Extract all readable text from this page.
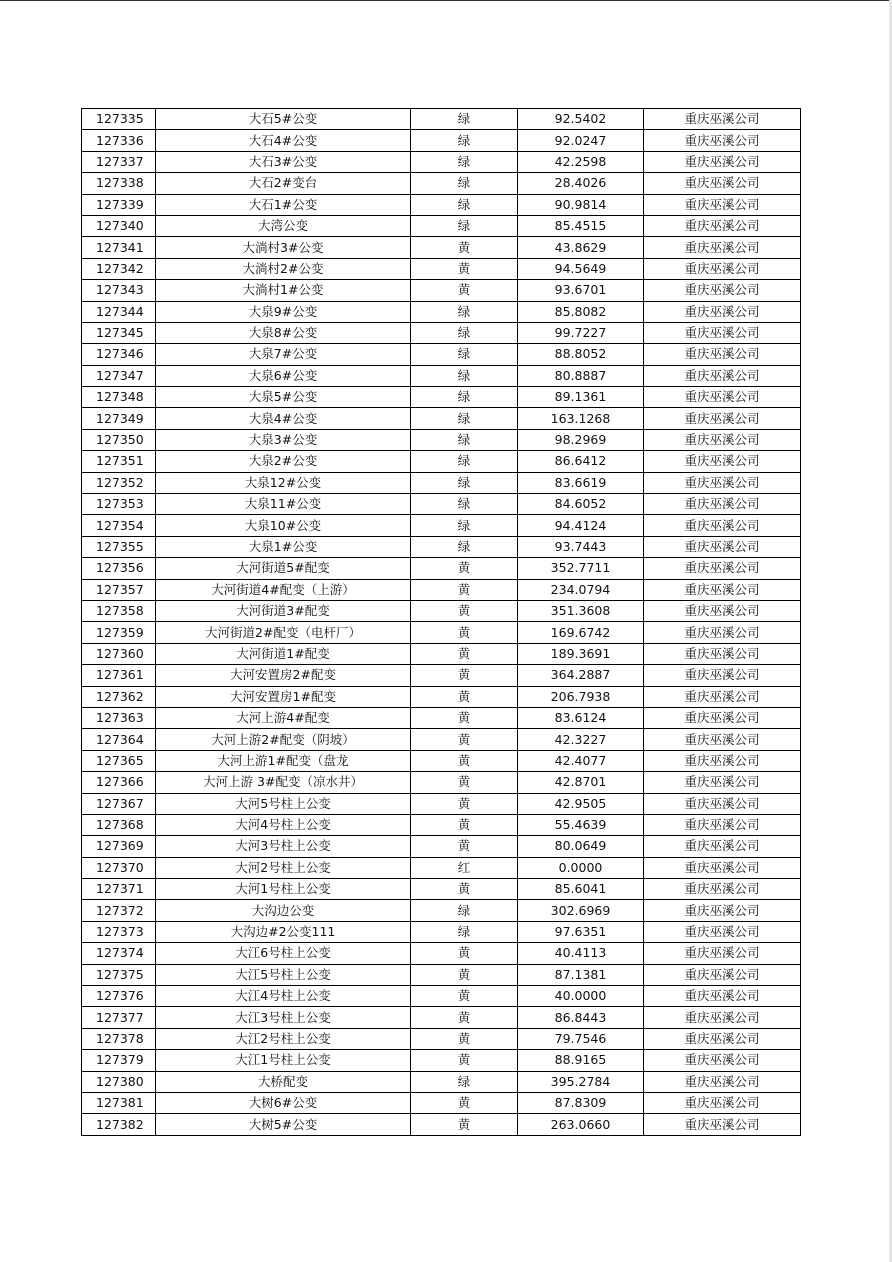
127335	大石5#公变	绿	92.5402	重庆巫溪公司
127336	大石4#公变	绿	92.0247	重庆巫溪公司
127337	大石3#公变	绿	42.2598	重庆巫溪公司
127338	大石2#变台	绿	28.4026	重庆巫溪公司
127339	大石1#公变	绿	90.9814	重庆巫溪公司
127340	大湾公变	绿	85.4515	重庆巫溪公司
127341	大淌村3#公变	黄	43.8629	重庆巫溪公司
127342	大淌村2#公变	黄	94.5649	重庆巫溪公司
127343	大淌村1#公变	黄	93.6701	重庆巫溪公司
127344	大泉9#公变	绿	85.8082	重庆巫溪公司
127345	大泉8#公变	绿	99.7227	重庆巫溪公司
127346	大泉7#公变	绿	88.8052	重庆巫溪公司
127347	大泉6#公变	绿	80.8887	重庆巫溪公司
127348	大泉5#公变	绿	89.1361	重庆巫溪公司
127349	大泉4#公变	绿	163.1268	重庆巫溪公司
127350	大泉3#公变	绿	98.2969	重庆巫溪公司
127351	大泉2#公变	绿	86.6412	重庆巫溪公司
127352	大泉12#公变	绿	83.6619	重庆巫溪公司
127353	大泉11#公变	绿	84.6052	重庆巫溪公司
127354	大泉10#公变	绿	94.4124	重庆巫溪公司
127355	大泉1#公变	绿	93.7443	重庆巫溪公司
127356	大河街道5#配变	黄	352.7711	重庆巫溪公司
127357	大河街道4#配变（上游）	黄	234.0794	重庆巫溪公司
127358	大河街道3#配变	黄	351.3608	重庆巫溪公司
127359	大河街道2#配变（电杆厂）	黄	169.6742	重庆巫溪公司
127360	大河街道1#配变	黄	189.3691	重庆巫溪公司
127361	大河安置房2#配变	黄	364.2887	重庆巫溪公司
127362	大河安置房1#配变	黄	206.7938	重庆巫溪公司
127363	大河上游4#配变	黄	83.6124	重庆巫溪公司
127364	大河上游2#配变（阴坡）	黄	42.3227	重庆巫溪公司
127365	大河上游1#配变（盘龙	黄	42.4077	重庆巫溪公司
127366	大河上游 3#配变（凉水井）	黄	42.8701	重庆巫溪公司
127367	大河5号柱上公变	黄	42.9505	重庆巫溪公司
127368	大河4号柱上公变	黄	55.4639	重庆巫溪公司
127369	大河3号柱上公变	黄	80.0649	重庆巫溪公司
127370	大河2号柱上公变	红	0.0000	重庆巫溪公司
127371	大河1号柱上公变	黄	85.6041	重庆巫溪公司
127372	大沟边公变	绿	302.6969	重庆巫溪公司
127373	大沟边#2公变111	绿	97.6351	重庆巫溪公司
127374	大江6号柱上公变	黄	40.4113	重庆巫溪公司
127375	大江5号柱上公变	黄	87.1381	重庆巫溪公司
127376	大江4号柱上公变	黄	40.0000	重庆巫溪公司
127377	大江3号柱上公变	黄	86.8443	重庆巫溪公司
127378	大江2号柱上公变	黄	79.7546	重庆巫溪公司
127379	大江1号柱上公变	黄	88.9165	重庆巫溪公司
127380	大桥配变	绿	395.2784	重庆巫溪公司
127381	大树6#公变	黄	87.8309	重庆巫溪公司
127382	大树5#公变	黄	263.0660	重庆巫溪公司
